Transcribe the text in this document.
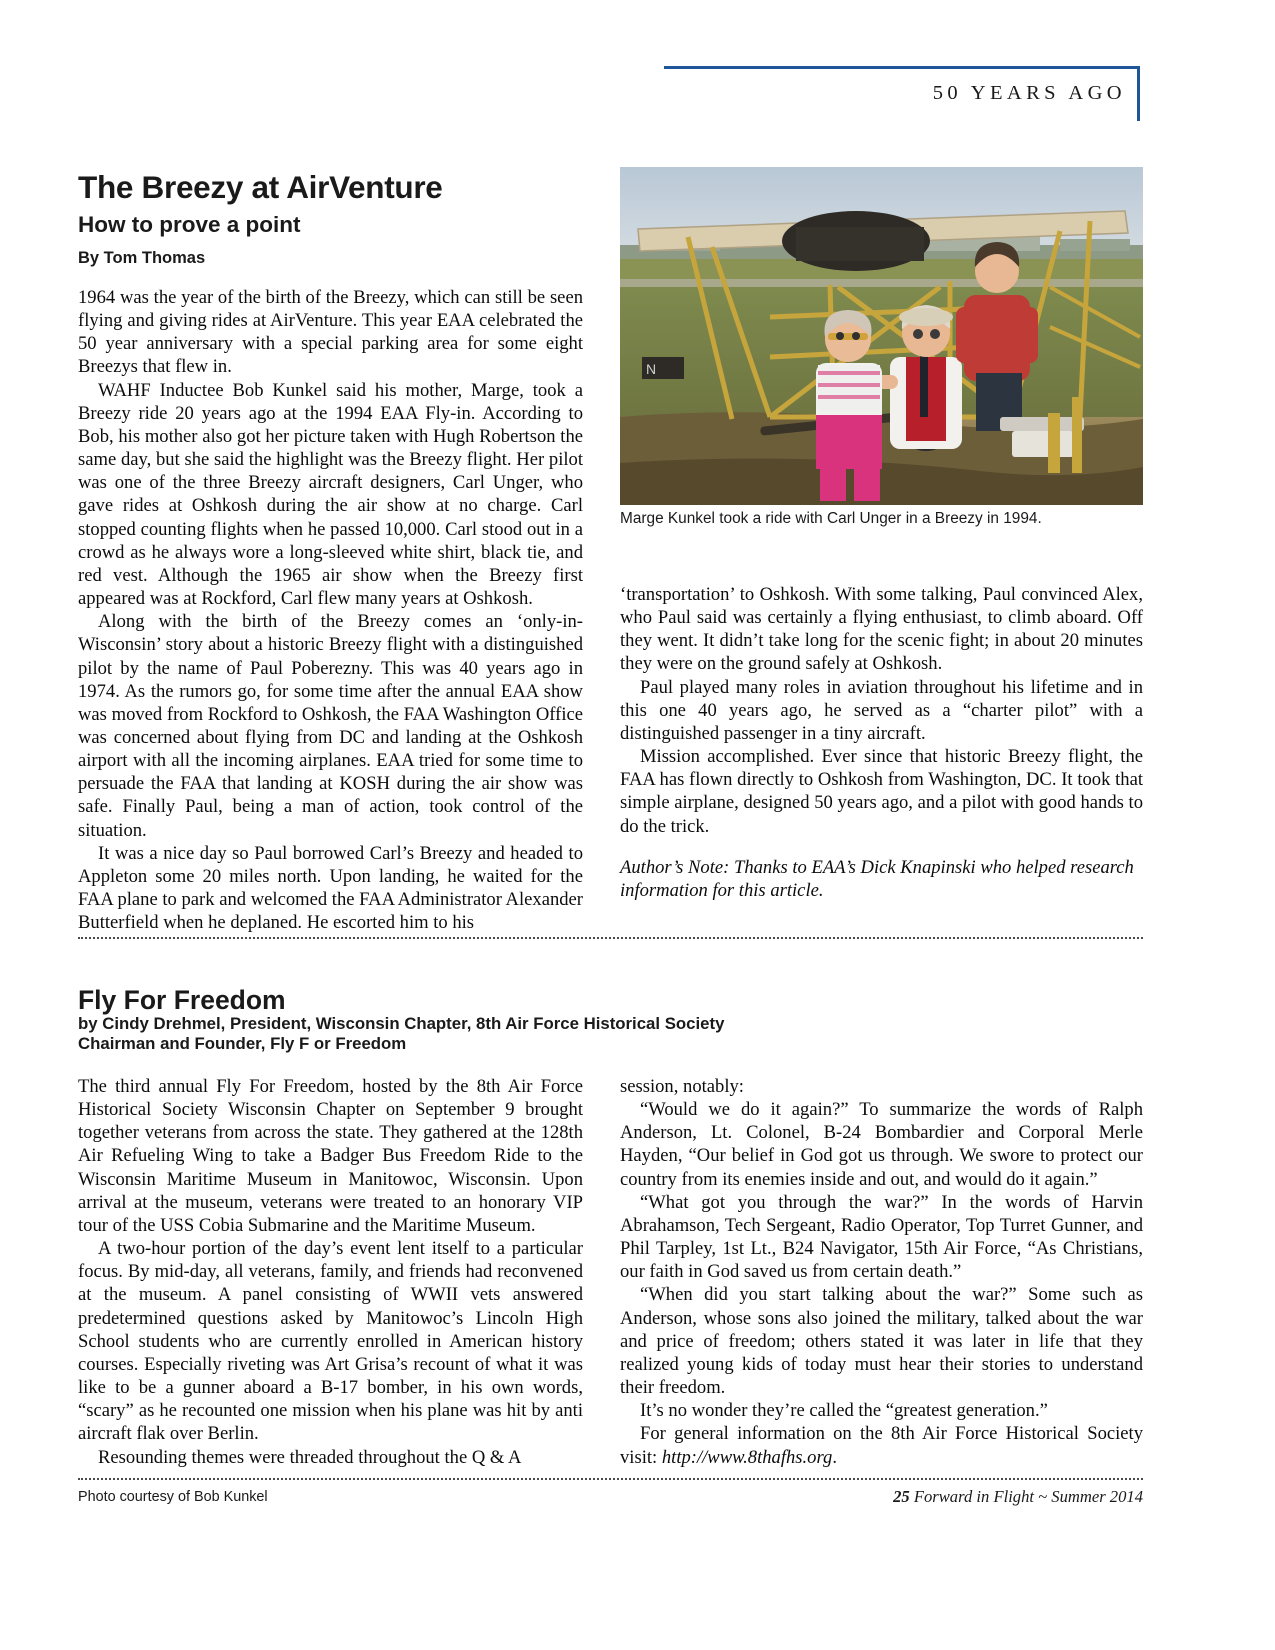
50 YEARS AGO
The Breezy at AirVenture
How to prove a point
By Tom Thomas
N
Marge Kunkel took a ride with Carl Unger in a Breezy in 1994.

1964 was the year of the birth of the Breezy, which can still be seen flying and giving rides at AirVenture. This year EAA celebrated the 50 year anniversary with a special parking area for some eight Breezys that flew in.

WAHF Inductee Bob Kunkel said his mother, Marge, took a Breezy ride 20 years ago at the 1994 EAA Fly-in. According to Bob, his mother also got her picture taken with Hugh Robertson the same day, but she said the highlight was the Breezy flight. Her pilot was one of the three Breezy aircraft designers, Carl Unger, who gave rides at Oshkosh during the air show at no charge. Carl stopped counting flights when he passed 10,000. Carl stood out in a crowd as he always wore a long-sleeved white shirt, black tie, and red vest. Although the 1965 air show when the Breezy first appeared was at Rockford, Carl flew many years at Oshkosh.

Along with the birth of the Breezy comes an ‘only-in-Wisconsin’ story about a historic Breezy flight with a distinguished pilot by the name of Paul Poberezny. This was 40 years ago in 1974. As the rumors go, for some time after the annual EAA show was moved from Rockford to Oshkosh, the FAA Washington Office was concerned about flying from DC and landing at the Oshkosh airport with all the incoming airplanes. EAA tried for some time to persuade the FAA that landing at KOSH during the air show was safe. Finally Paul, being a man of action, took control of the situation.

It was a nice day so Paul borrowed Carl’s Breezy and headed to Appleton some 20 miles north. Upon landing, he waited for the FAA plane to park and welcomed the FAA Administrator Alexander Butterfield when he deplaned. He escorted him to his

‘transportation’ to Oshkosh. With some talking, Paul convinced Alex, who Paul said was certainly a flying enthusiast, to climb aboard. Off they went. It didn’t take long for the scenic fight; in about 20 minutes they were on the ground safely at Oshkosh.

Paul played many roles in aviation throughout his lifetime and in this one 40 years ago, he served as a “charter pilot” with a distinguished passenger in a tiny aircraft.

Mission accomplished. Ever since that historic Breezy flight, the FAA has flown directly to Oshkosh from Washington, DC. It took that simple airplane, designed 50 years ago, and a pilot with good hands to do the trick.

Author’s Note: Thanks to EAA’s Dick Knapinski who helped research information for this article.
Fly For Freedom
by Cindy Drehmel, President, Wisconsin Chapter, 8th Air Force Historical Society
Chairman and Founder, Fly F or Freedom

The third annual Fly For Freedom, hosted by the 8th Air Force Historical Society Wisconsin Chapter on September 9 brought together veterans from across the state. They gathered at the 128th Air Refueling Wing to take a Badger Bus Freedom Ride to the Wisconsin Maritime Museum in Manitowoc, Wisconsin. Upon arrival at the museum, veterans were treated to an honorary VIP tour of the USS Cobia Submarine and the Maritime Museum.

A two-hour portion of the day’s event lent itself to a particular focus. By mid-day, all veterans, family, and friends had reconvened at the museum. A panel consisting of WWII vets answered predetermined questions asked by Manitowoc’s Lincoln High School students who are currently enrolled in American history courses. Especially riveting was Art Grisa’s recount of what it was like to be a gunner aboard a B-17 bomber, in his own words, “scary” as he recounted one mission when his plane was hit by anti aircraft flak over Berlin.

Resounding themes were threaded throughout the Q & A

session, notably:

“Would we do it again?” To summarize the words of Ralph Anderson, Lt. Colonel, B-24 Bombardier and Corporal Merle Hayden, “Our belief in God got us through. We swore to protect our country from its enemies inside and out, and would do it again.”

“What got you through the war?” In the words of Harvin Abrahamson, Tech Sergeant, Radio Operator, Top Turret Gunner, and Phil Tarpley, 1st Lt., B24 Navigator, 15th Air Force, “As Christians, our faith in God saved us from certain death.”

“When did you start talking about the war?” Some such as Anderson, whose sons also joined the military, talked about the war and price of freedom; others stated it was later in life that they realized young kids of today must hear their stories to understand their freedom.

It’s no wonder they’re called the “greatest generation.”

For general information on the 8th Air Force Historical Society visit: http://www.8thafhs.org.

Photo courtesy of Bob Kunkel	25 Forward in Flight ~ Summer 2014
